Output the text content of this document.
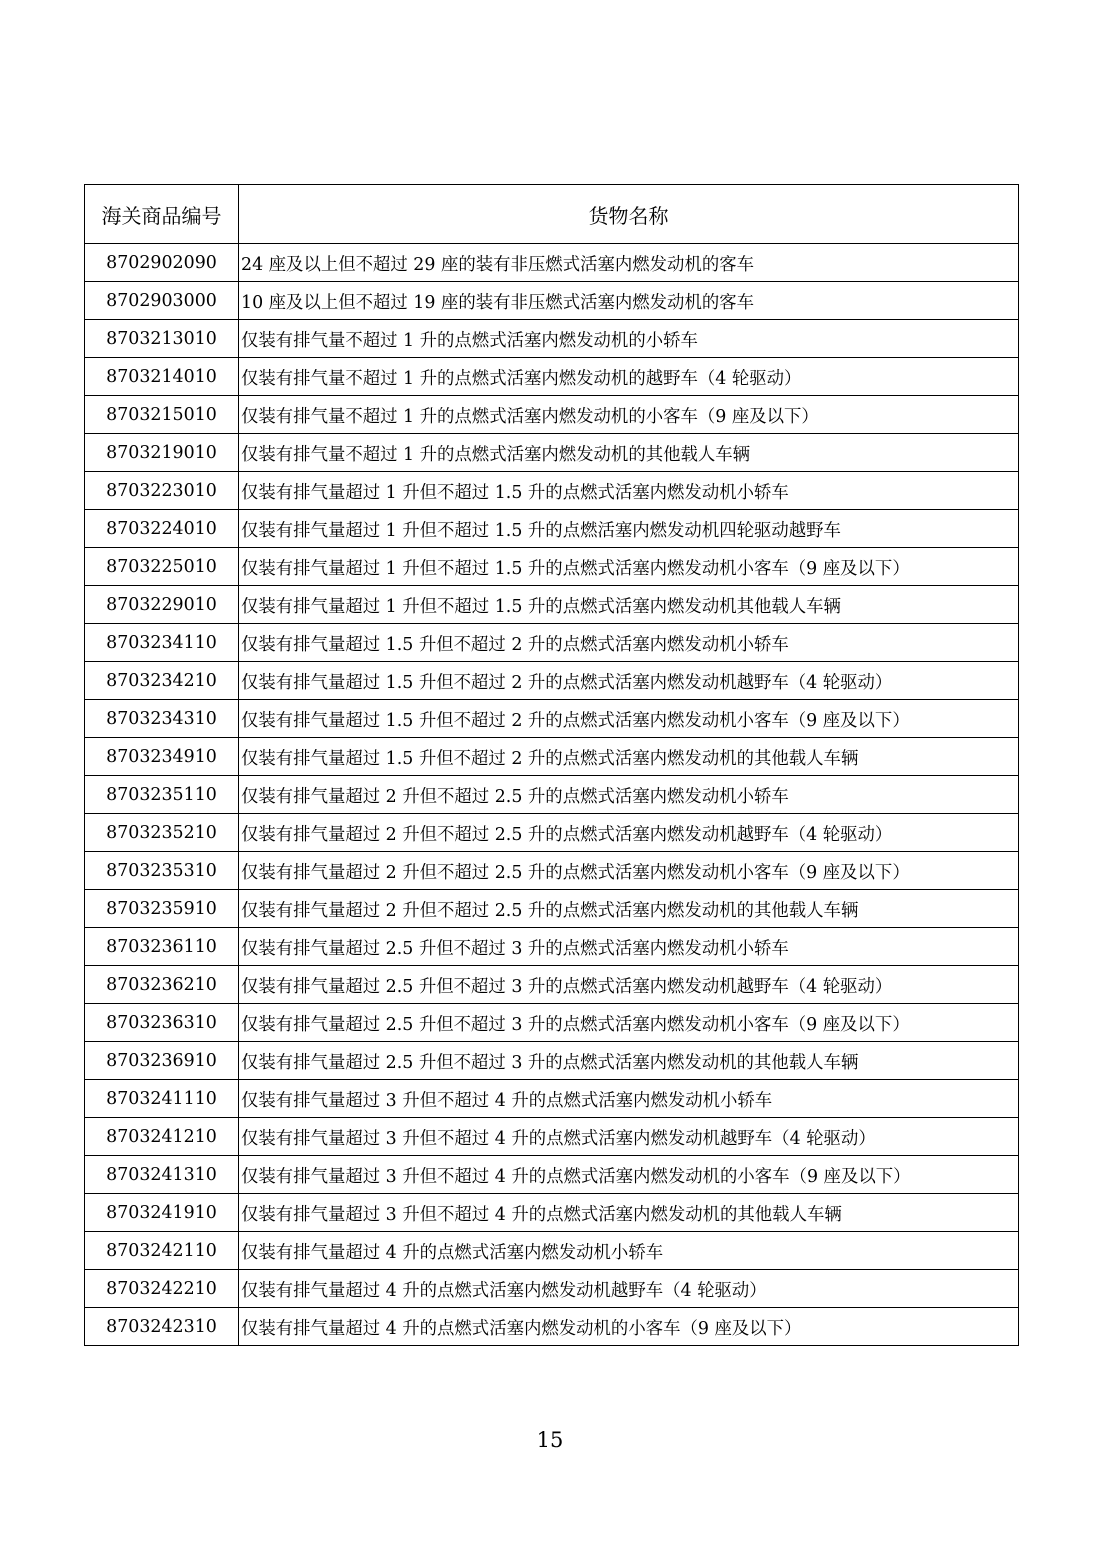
海关商品编号	货物名称
8702902090	24 座及以上但不超过 29 座的装有非压燃式活塞内燃发动机的客车
8702903000	10 座及以上但不超过 19 座的装有非压燃式活塞内燃发动机的客车
8703213010	仅装有排气量不超过 1 升的点燃式活塞内燃发动机的小轿车
8703214010	仅装有排气量不超过 1 升的点燃式活塞内燃发动机的越野车（4 轮驱动）
8703215010	仅装有排气量不超过 1 升的点燃式活塞内燃发动机的小客车（9 座及以下）
8703219010	仅装有排气量不超过 1 升的点燃式活塞内燃发动机的其他载人车辆
8703223010	仅装有排气量超过 1 升但不超过 1.5 升的点燃式活塞内燃发动机小轿车
8703224010	仅装有排气量超过 1 升但不超过 1.5 升的点燃活塞内燃发动机四轮驱动越野车
8703225010	仅装有排气量超过 1 升但不超过 1.5 升的点燃式活塞内燃发动机小客车（9 座及以下）
8703229010	仅装有排气量超过 1 升但不超过 1.5 升的点燃式活塞内燃发动机其他载人车辆
8703234110	仅装有排气量超过 1.5 升但不超过 2 升的点燃式活塞内燃发动机小轿车
8703234210	仅装有排气量超过 1.5 升但不超过 2 升的点燃式活塞内燃发动机越野车（4 轮驱动）
8703234310	仅装有排气量超过 1.5 升但不超过 2 升的点燃式活塞内燃发动机小客车（9 座及以下）
8703234910	仅装有排气量超过 1.5 升但不超过 2 升的点燃式活塞内燃发动机的其他载人车辆
8703235110	仅装有排气量超过 2 升但不超过 2.5 升的点燃式活塞内燃发动机小轿车
8703235210	仅装有排气量超过 2 升但不超过 2.5 升的点燃式活塞内燃发动机越野车（4 轮驱动）
8703235310	仅装有排气量超过 2 升但不超过 2.5 升的点燃式活塞内燃发动机小客车（9 座及以下）
8703235910	仅装有排气量超过 2 升但不超过 2.5 升的点燃式活塞内燃发动机的其他载人车辆
8703236110	仅装有排气量超过 2.5 升但不超过 3 升的点燃式活塞内燃发动机小轿车
8703236210	仅装有排气量超过 2.5 升但不超过 3 升的点燃式活塞内燃发动机越野车（4 轮驱动）
8703236310	仅装有排气量超过 2.5 升但不超过 3 升的点燃式活塞内燃发动机小客车（9 座及以下）
8703236910	仅装有排气量超过 2.5 升但不超过 3 升的点燃式活塞内燃发动机的其他载人车辆
8703241110	仅装有排气量超过 3 升但不超过 4 升的点燃式活塞内燃发动机小轿车
8703241210	仅装有排气量超过 3 升但不超过 4 升的点燃式活塞内燃发动机越野车（4 轮驱动）
8703241310	仅装有排气量超过 3 升但不超过 4 升的点燃式活塞内燃发动机的小客车（9 座及以下）
8703241910	仅装有排气量超过 3 升但不超过 4 升的点燃式活塞内燃发动机的其他载人车辆
8703242110	仅装有排气量超过 4 升的点燃式活塞内燃发动机小轿车
8703242210	仅装有排气量超过 4 升的点燃式活塞内燃发动机越野车（4 轮驱动）
8703242310	仅装有排气量超过 4 升的点燃式活塞内燃发动机的小客车（9 座及以下）
15
